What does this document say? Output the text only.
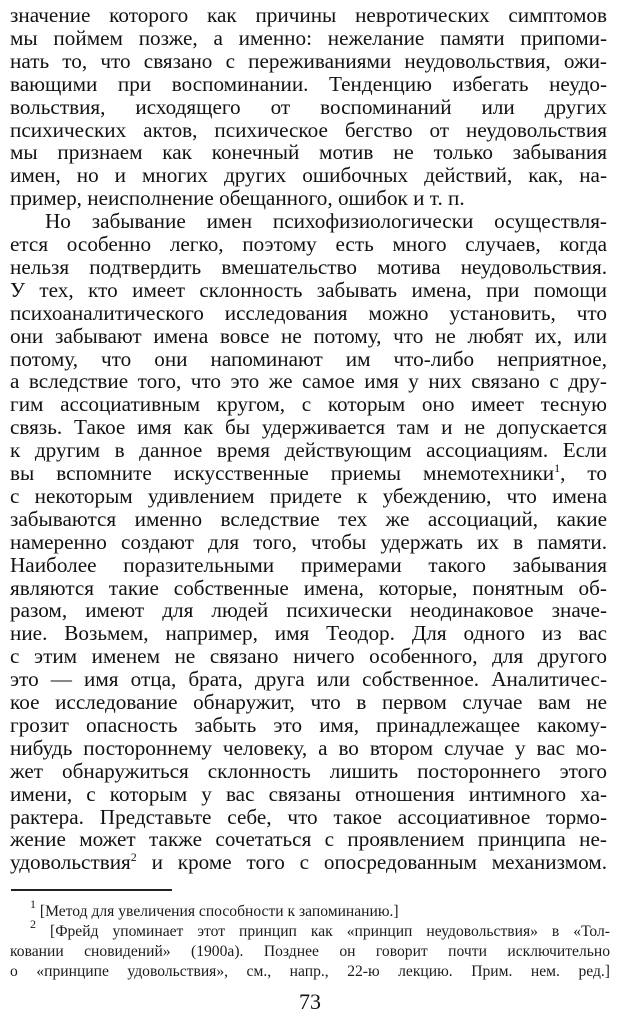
значение которого как причины невротических симптомов
мы поймем позже, а именно: нежелание памяти припоми-
нать то, что связано с переживаниями неудовольствия, ожи-
вающими при воспоминании. Тенденцию избегать неудо-
вольствия, исходящего от воспоминаний или других
психических актов, психическое бегство от неудовольствия
мы признаем как конечный мотив не только забывания
имен, но и многих других ошибочных действий, как, на-
пример, неисполнение обещанного, ошибок и т. п.
Но забывание имен психофизиологически осуществля-
ется особенно легко, поэтому есть много случаев, когда
нельзя подтвердить вмешательство мотива неудовольствия.
У тех, кто имеет склонность забывать имена, при помощи
психоаналитического исследования можно установить, что
они забывают имена вовсе не потому, что не любят их, или
потому, что они напоминают им что-либо неприятное,
а вследствие того, что это же самое имя у них связано с дру-
гим ассоциативным кругом, с которым оно имеет тесную
связь. Такое имя как бы удерживается там и не допускается
к другим в данное время действующим ассоциациям. Если
вы вспомните искусственные приемы мнемотехники$^1$, то
с некоторым удивлением придете к убеждению, что имена
забываются именно вследствие тех же ассоциаций, какие
намеренно создают для того, чтобы удержать их в памяти.
Наиболее поразительными примерами такого забывания
являются такие собственные имена, которые, понятным об-
разом, имеют для людей психически неодинаковое значе-
ние. Возьмем, например, имя Теодор. Для одного из вас
с этим именем не связано ничего особенного, для другого
это — имя отца, брата, друга или собственное. Аналитичес-
кое исследование обнаружит, что в первом случае вам не
грозит опасность забыть это имя, принадлежащее какому-
нибудь постороннему человеку, а во втором случае у вас мо-
жет обнаружиться склонность лишить постороннего этого
имени, с которым у вас связаны отношения интимного ха-
рактера. Представьте себе, что такое ассоциативное тормо-
жение может также сочетаться с проявлением принципа не-
удовольствия$^2$ и кроме того с опосредованным механизмом.
$^1$ [Метод для увеличения способности к запоминанию.]
$^2$ [Фрейд упоминает этот принцип как «принцип неудовольствия» в «Тол-
ковании сновидений» (1900a). Позднее он говорит почти исключительно
о «принципе удовольствия», см., напр., 22-ю лекцию. Прим. нем. ред.]
73
